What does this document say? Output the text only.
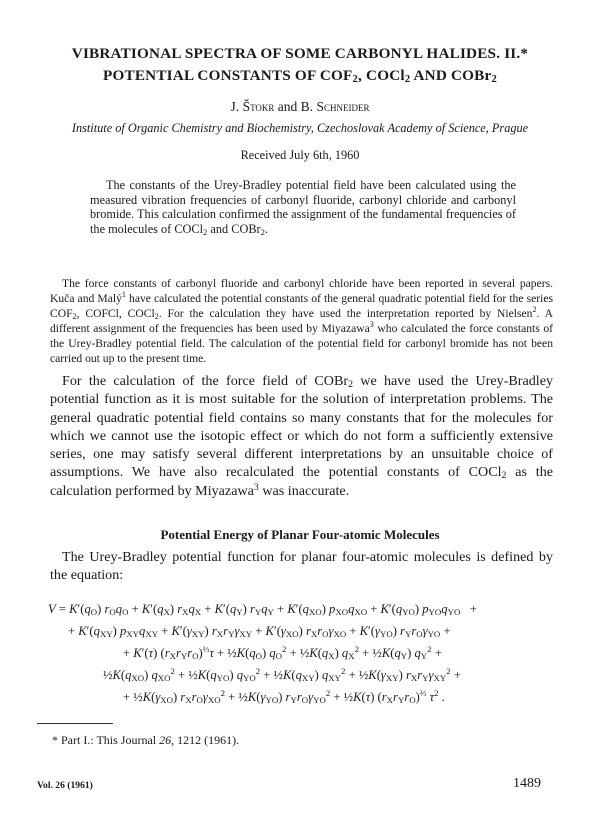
VIBRATIONAL SPECTRA OF SOME CARBONYL HALIDES. II.*
POTENTIAL CONSTANTS OF $COF_2$, COCl$_2$ AND COBr$_2$
J. Štokr and B. Schneider
Institute of Organic Chemistry and Biochemistry, Czechoslovak Academy of Science, Prague
Received July 6th, 1960
The constants of the Urey-Bradley potential field have been calculated using the measured vibration frequencies of carbonyl fluoride, carbonyl chloride and carbonyl bromide. This calculation confirmed the assignment of the fundamental frequencies of the molecules of COCl$_2$ and COBr$_2$.
The force constants of carbonyl fluoride and carbonyl chloride have been reported in several papers. Kuča and Malý$^1$ have calculated the potential constants of the general quadratic potential field for the series $COF_2$, COFCl, COCl$_2$. For the calculation they have used the interpretation reported by Nielsen$^2$. A different assignment of the frequencies has been used by Miyazawa$^3$ who calculated the force constants of the Urey-Bradley potential field. The calculation of the potential field for carbonyl bromide has not been carried out up to the present time.
For the calculation of the force field of COBr$_2$ we have used the Urey-Bradley potential function as it is most suitable for the solution of interpretation problems. The general quadratic potential field contains so many constants that for the molecules for which we cannot use the isotopic effect or which do not form a sufficiently extensive series, one may satisfy several different interpretations by an unsuitable choice of assumptions. We have also recalculated the potential constants of COCl$_2$ as the calculation performed by Miyazawa$^3$ was inaccurate.
Potential Energy of Planar Four-atomic Molecules
The Urey-Bradley potential function for planar four-atomic molecules is defined by the equation:
$V = K'(q_O) r_Oq_O + K'(q_X) r_Xq_X + K'(q_Y) r_Yq_Y + K'(q_{XO}) p_{XO}q_{XO} + K'(q_{YO}) p_{YO}q_{YO}$   +
+ $K'(q_{XY}) p_{XY}q_{XY} + K'(\gamma_{XY}) r_Xr_Y\gamma_{XY} + K'(\gamma_{XO}) r_Xr_O\gamma_{XO} + K'(\gamma_{YO}) r_Yr_O\gamma_{YO}$ +
+ K′(τ) $(r_Xr_Yr_O)^{\frac{2}{3}}\tau$ + $\frac{1}{2}K(q_O) q_O^2$ + $\frac{1}{2}K(q_X) q_X^2$ + $\frac{1}{2}K(q_Y) q_Y^2$ +
$\frac{1}{2}K(q_{XO}) q_{XO}^2$ + $\frac{1}{2}K(q_{YO}) q_{YO}^2$ + $\frac{1}{2}K(q_{XY}) q_{XY}^2$ + $\frac{1}{2}K(\gamma_{XY}) r_Xr_Y\gamma_{XY}^2$ +
+ $\frac{1}{2}K(\gamma_{XO}) r_Xr_O\gamma_{XO}^2$ + $\frac{1}{2}K(\gamma_{YO}) r_Yr_O\gamma_{YO}^2$ + ½K(τ) $(r_Xr_Yr_O)^{\frac{2}{3}}$ $\tau^2$ .
* Part I.: This Journal 26, 1212 (1961).
Vol. 26 (1961)	1489
